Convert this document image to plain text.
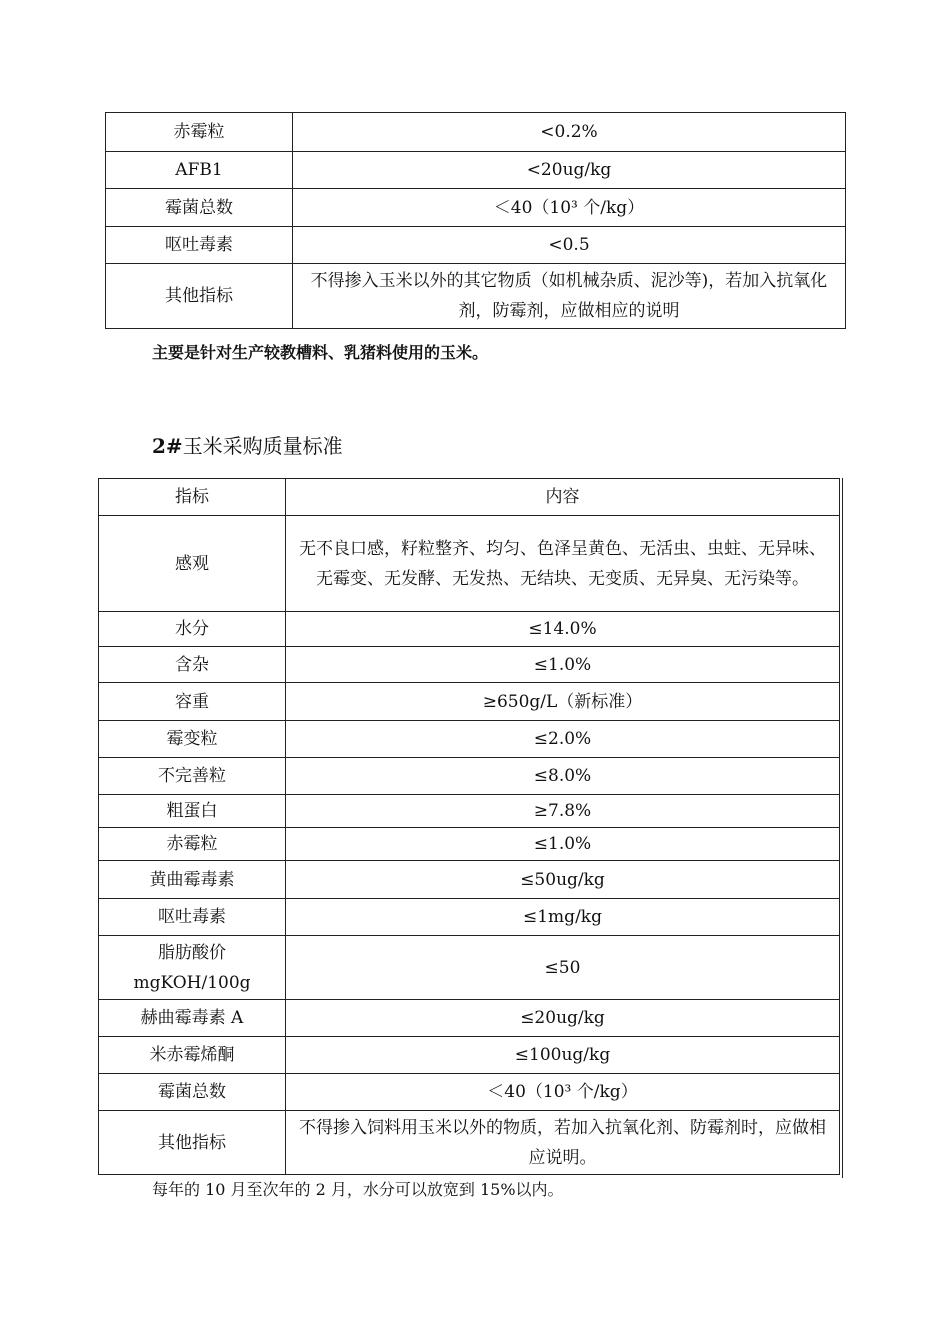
赤霉粒	<0.2%
AFB1	<20ug/kg
霉菌总数	＜40（10³ 个/kg）
呕吐毒素	<0.5
其他指标	不得掺入玉米以外的其它物质（如机械杂质、泥沙等)，若加入抗氧化剂，防霉剂，应做相应的说明
主要是针对生产较教槽料、乳猪料使用的玉米。
2#玉米采购质量标准
指标	内容
感观	无不良口感，籽粒整齐、均匀、色泽呈黄色、无活虫、虫蛀、无异味、无霉变、无发酵、无发热、无结块、无变质、无异臭、无污染等。
水分	≤14.0%
含杂	≤1.0%
容重	≥650g/L（新标准）
霉变粒	≤2.0%
不完善粒	≤8.0%
粗蛋白	≥7.8%
赤霉粒	≤1.0%
黄曲霉毒素	≤50ug/kg
呕吐毒素	≤1mg/kg
脂肪酸价 mgKOH/100g	≤50
赫曲霉毒素 A	≤20ug/kg
米赤霉烯酮	≤100ug/kg
霉菌总数	＜40（10³ 个/kg）
其他指标	不得掺入饲料用玉米以外的物质，若加入抗氧化剂、防霉剂时，应做相应说明。
每年的 10 月至次年的 2 月，水分可以放宽到 15%以内。
